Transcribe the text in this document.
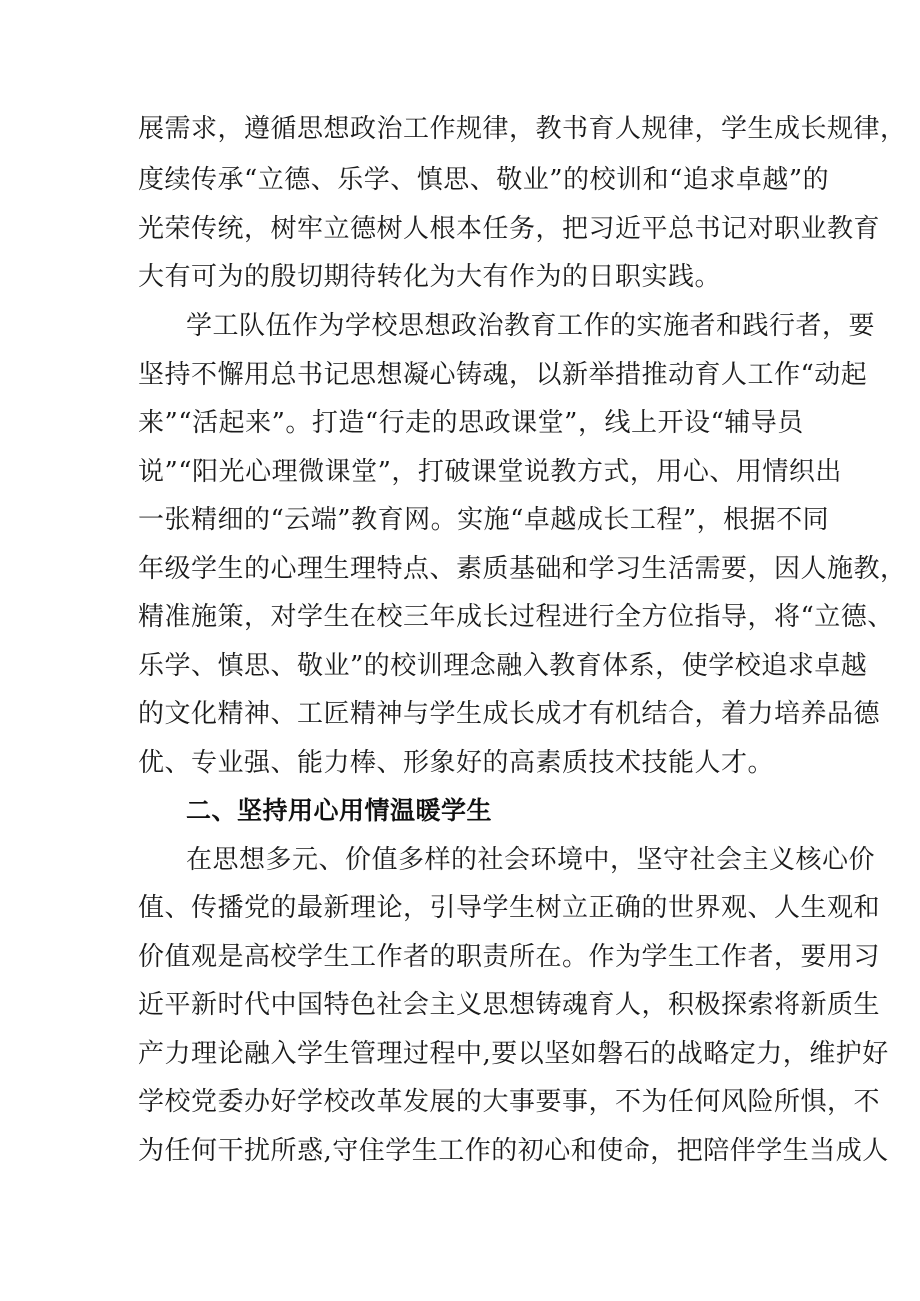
展需求，遵循思想政治工作规律，教书育人规律，学生成长规律，
度续传承“立德、乐学、慎思、敬业”的校训和“追求卓越”的
光荣传统，树牢立德树人根本任务，把习近平总书记对职业教育
大有可为的殷切期待转化为大有作为的日职实践。
学工队伍作为学校思想政治教育工作的实施者和践行者，要
坚持不懈用总书记思想凝心铸魂，以新举措推动育人工作“动起
来”“活起来”。打造“行走的思政课堂”，线上开设“辅导员
说”“阳光心理微课堂”，打破课堂说教方式，用心、用情织出
一张精细的“云端”教育网。实施“卓越成长工程”，根据不同
年级学生的心理生理特点、素质基础和学习生活需要，因人施教，
精准施策，对学生在校三年成长过程进行全方位指导，将“立德、
乐学、慎思、敬业”的校训理念融入教育体系，使学校追求卓越
的文化精神、工匠精神与学生成长成才有机结合，着力培养品德
优、专业强、能力棒、形象好的高素质技术技能人才。
二、坚持用心用情温暖学生
在思想多元、价值多样的社会环境中，坚守社会主义核心价
值、传播党的最新理论，引导学生树立正确的世界观、人生观和
价值观是高校学生工作者的职责所在。作为学生工作者，要用习
近平新时代中国特色社会主义思想铸魂育人，积极探索将新质生
产力理论融入学生管理过程中,要以坚如磐石的战略定力，维护好
学校党委办好学校改革发展的大事要事，不为任何风险所惧，不
为任何干扰所惑,守住学生工作的初心和使命，把陪伴学生当成人
